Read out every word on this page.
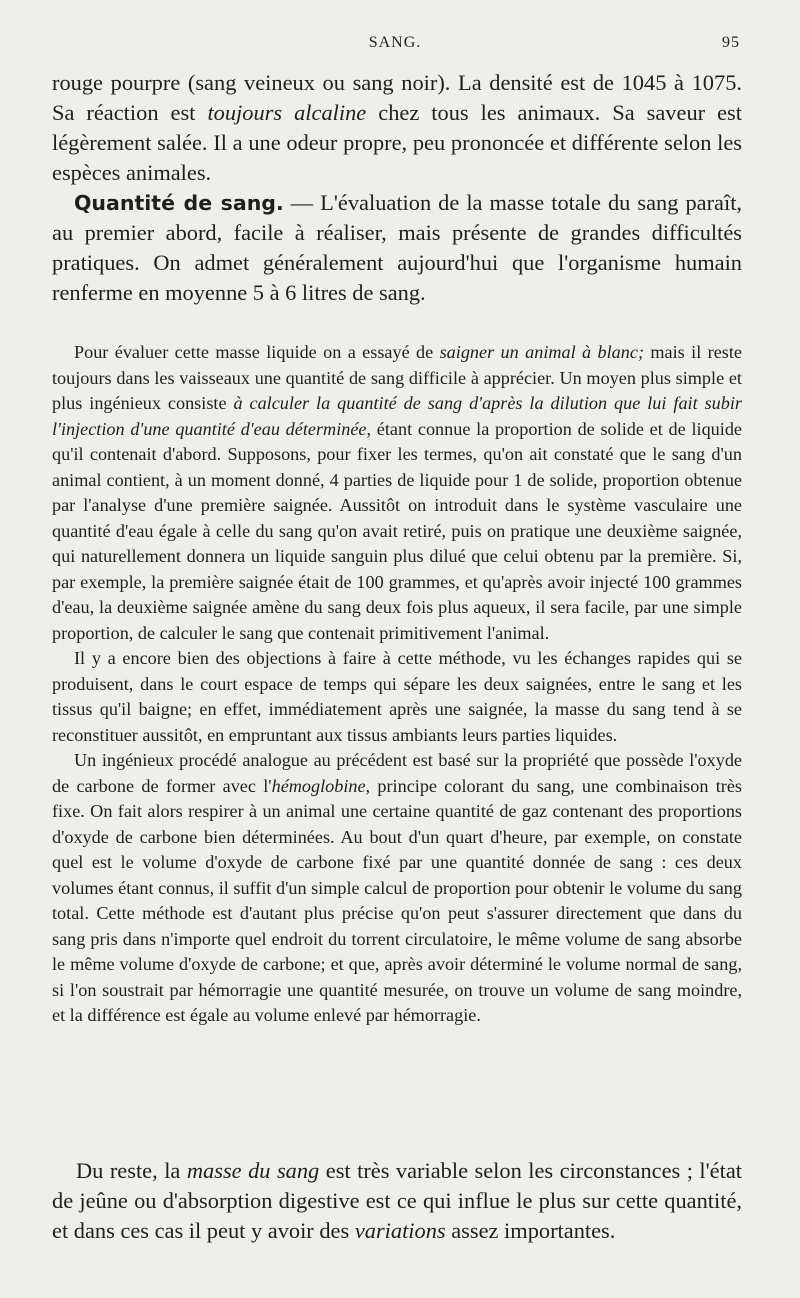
SANG.	95

rouge pourpre (sang veineux ou sang noir). La densité est de 1045 à 1075. Sa réaction est toujours alcaline chez tous les animaux. Sa saveur est légèrement salée. Il a une odeur propre, peu prononcée et différente selon les espèces animales.

Quantité de sang. — L'évaluation de la masse totale du sang paraît, au premier abord, facile à réaliser, mais présente de grandes difficultés pratiques. On admet généralement aujourd'hui que l'organisme humain renferme en moyenne 5 à 6 litres de sang.

Pour évaluer cette masse liquide on a essayé de saigner un animal à blanc; mais il reste toujours dans les vaisseaux une quantité de sang difficile à apprécier. Un moyen plus simple et plus ingénieux consiste à calculer la quantité de sang d'après la dilution que lui fait subir l'injection d'une quantité d'eau déterminée, étant connue la proportion de solide et de liquide qu'il contenait d'abord. Supposons, pour fixer les termes, qu'on ait constaté que le sang d'un animal contient, à un moment donné, 4 parties de liquide pour 1 de solide, proportion obtenue par l'analyse d'une première saignée. Aussitôt on introduit dans le système vasculaire une quantité d'eau égale à celle du sang qu'on avait retiré, puis on pratique une deuxième saignée, qui naturellement donnera un liquide sanguin plus dilué que celui obtenu par la première. Si, par exemple, la première saignée était de 100 grammes, et qu'après avoir injecté 100 grammes d'eau, la deuxième saignée amène du sang deux fois plus aqueux, il sera facile, par une simple proportion, de calculer le sang que contenait primitivement l'animal.

Il y a encore bien des objections à faire à cette méthode, vu les échanges rapides qui se produisent, dans le court espace de temps qui sépare les deux saignées, entre le sang et les tissus qu'il baigne; en effet, immédiatement après une saignée, la masse du sang tend à se reconstituer aussitôt, en empruntant aux tissus ambiants leurs parties liquides.

Un ingénieux procédé analogue au précédent est basé sur la propriété que possède l'oxyde de carbone de former avec l'hémoglobine, principe colorant du sang, une combinaison très fixe. On fait alors respirer à un animal une certaine quantité de gaz contenant des proportions d'oxyde de carbone bien déterminées. Au bout d'un quart d'heure, par exemple, on constate quel est le volume d'oxyde de carbone fixé par une quantité donnée de sang : ces deux volumes étant connus, il suffit d'un simple calcul de proportion pour obtenir le volume du sang total. Cette méthode est d'autant plus précise qu'on peut s'assurer directement que dans du sang pris dans n'importe quel endroit du torrent circulatoire, le même volume de sang absorbe le même volume d'oxyde de carbone; et que, après avoir déterminé le volume normal de sang, si l'on soustrait par hémorragie une quantité mesurée, on trouve un volume de sang moindre, et la différence est égale au volume enlevé par hémorragie.

Du reste, la masse du sang est très variable selon les circonstances ; l'état de jeûne ou d'absorption digestive est ce qui influe le plus sur cette quantité, et dans ces cas il peut y avoir des variations assez importantes.
